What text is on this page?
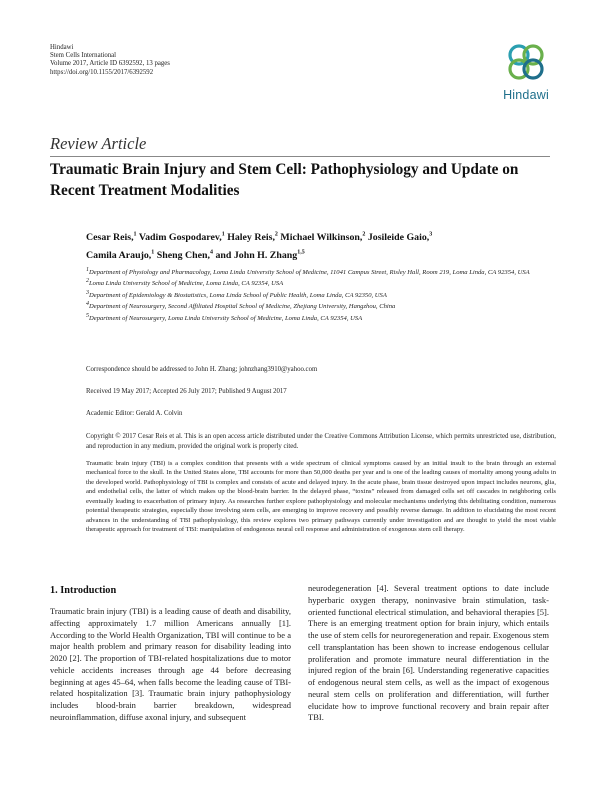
Hindawi
Stem Cells International
Volume 2017, Article ID 6392592, 13 pages
https://doi.org/10.1155/2017/6392592
Hindawi
Review Article
Traumatic Brain Injury and Stem Cell: Pathophysiology and Update on Recent Treatment Modalities
Cesar Reis,$^1$ Vadim Gospodarev,$^1$ Haley Reis,$^2$ Michael Wilkinson,$^2$ Josileide Gaio,$^3$
Camila Araujo,$^1$ Sheng Chen,$^4$ and John H. Zhang$^{1,5}$
$^1$Department of Physiology and Pharmacology, Loma Linda University School of Medicine, 11041 Campus Street, Risley Hall, Room 219, Loma Linda, CA 92354, USA
$^2$Loma Linda University School of Medicine, Loma Linda, CA 92354, USA
$^3$Department of Epidemiology & Biostatistics, Loma Linda School of Public Health, Loma Linda, CA 92350, USA
$^4$Department of Neurosurgery, Second Affiliated Hospital School of Medicine, Zhejiang University, Hangzhou, China
$^5$Department of Neurosurgery, Loma Linda University School of Medicine, Loma Linda, CA 92354, USA
Correspondence should be addressed to John H. Zhang; johnzhang3910@yahoo.com
Received 19 May 2017; Accepted 26 July 2017; Published 9 August 2017
Academic Editor: Gerald A. Colvin
Copyright © 2017 Cesar Reis et al. This is an open access article distributed under the Creative Commons Attribution License, which permits unrestricted use, distribution, and reproduction in any medium, provided the original work is properly cited.
Traumatic brain injury (TBI) is a complex condition that presents with a wide spectrum of clinical symptoms caused by an initial insult to the brain through an external mechanical force to the skull. In the United States alone, TBI accounts for more than 50,000 deaths per year and is one of the leading causes of mortality among young adults in the developed world. Pathophysiology of TBI is complex and consists of acute and delayed injury. In the acute phase, brain tissue destroyed upon impact includes neurons, glia, and endothelial cells, the latter of which makes up the blood-brain barrier. In the delayed phase, “toxins” released from damaged cells set off cascades in neighboring cells eventually leading to exacerbation of primary injury. As researches further explore pathophysiology and molecular mechanisms underlying this debilitating condition, numerous potential therapeutic strategies, especially those involving stem cells, are emerging to improve recovery and possibly reverse damage. In addition to elucidating the most recent advances in the understanding of TBI pathophysiology, this review explores two primary pathways currently under investigation and are thought to yield the most viable therapeutic approach for treatment of TBI: manipulation of endogenous neural cell response and administration of exogenous stem cell therapy.
1. Introduction
Traumatic brain injury (TBI) is a leading cause of death and disability, affecting approximately 1.7 million Americans annually [1]. According to the World Health Organization, TBI will continue to be a major health problem and primary reason for disability leading into 2020 [2]. The proportion of TBI-related hospitalizations due to motor vehicle accidents increases through age 44 before decreasing beginning at ages 45–64, when falls become the leading cause of TBI-related hospitalization [3]. Traumatic brain injury pathophysiology includes blood-brain barrier breakdown, widespread neuroinflammation, diffuse axonal injury, and subsequent
neurodegeneration [4]. Several treatment options to date include hyperbaric oxygen therapy, noninvasive brain stimulation, task-oriented functional electrical stimulation, and behavioral therapies [5]. There is an emerging treatment option for brain injury, which entails the use of stem cells for neuroregeneration and repair. Exogenous stem cell transplantation has been shown to increase endogenous cellular proliferation and promote immature neural differentiation in the injured region of the brain [6]. Understanding regenerative capacities of endogenous neural stem cells, as well as the impact of exogenous neural stem cells on proliferation and differentiation, will further elucidate how to improve functional recovery and brain repair after TBI.
